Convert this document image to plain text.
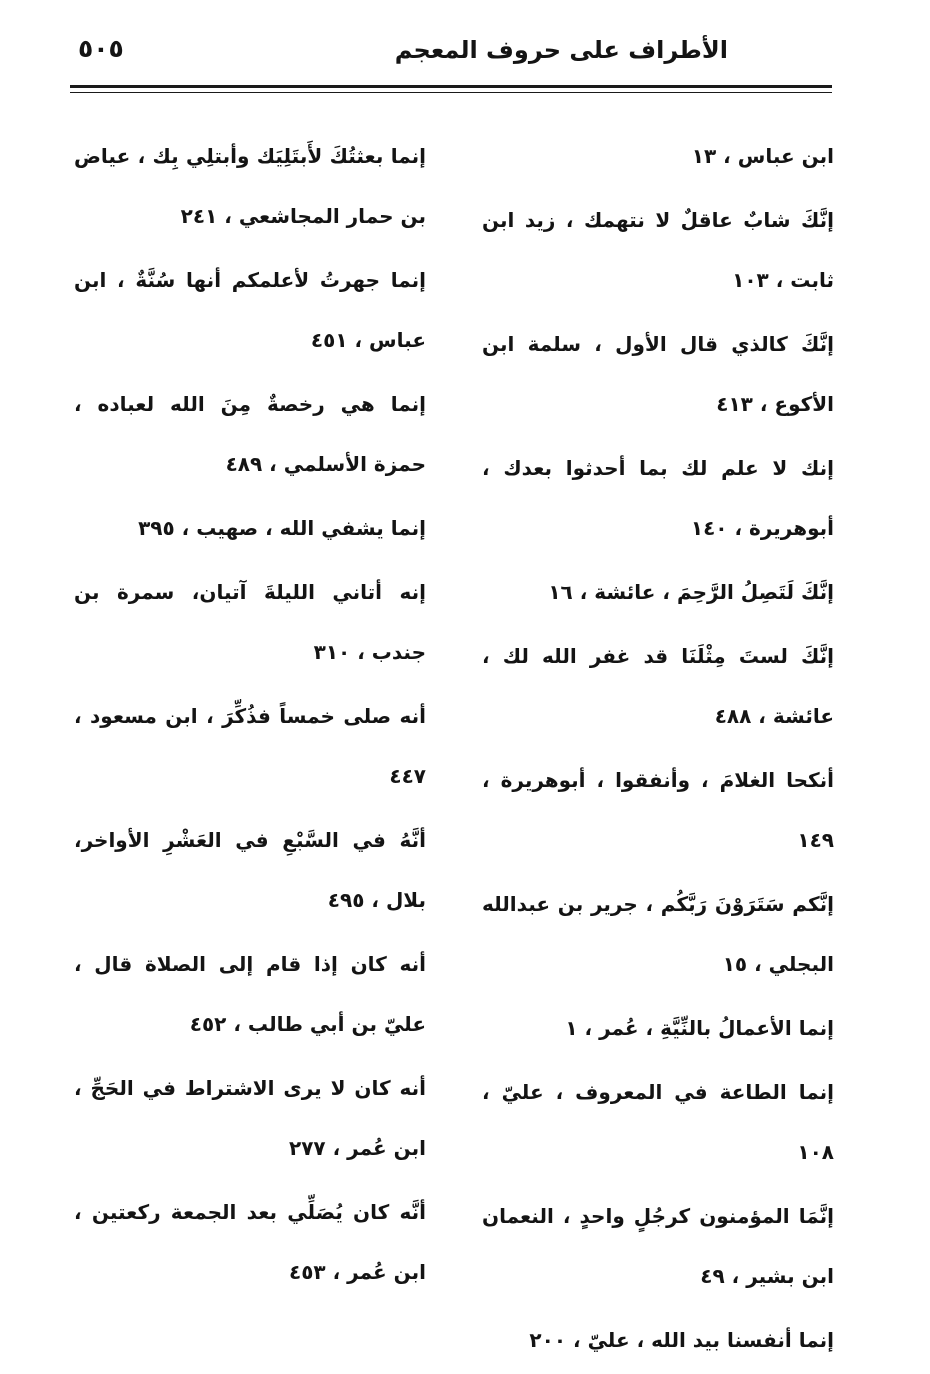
٥٠٥	الأطراف على حروف المعجم

ابن عباس ، ١٣

إنَّكَ شابٌ عاقلٌ لا نتهمك ، زيد ابن ثابت ، ١٠٣

إنَّكَ كالذي قال الأول ، سلمة ابن الأكوع ، ٤١٣

إنك لا علم لك بما أحدثوا بعدك ، أبوهريرة ، ١٤٠

إنَّكَ لَتَصِلُ الرَّحِمَ ، عائشة ، ١٦

إنَّكَ لستَ مِثْلَنَا قد غفر الله لك ، عائشة ، ٤٨٨

أنكحا الغلامَ ، وأنفقوا ، أبوهريرة ، ١٤٩

إنَّكم سَتَرَوْنَ رَبَّكُم ، جرير بن عبدالله البجلي ، ١٥

إنما الأعمالُ بالنِّيَّةِ ، عُمر ، ١

إنما الطاعة في المعروف ، عليّ ، ١٠٨

إنَّمَا المؤمنون كرجُلٍ واحدٍ ، النعمان ابن بشير ، ٤٩

إنما أنفسنا بيد الله ، عليّ ، ٢٠٠

إنما بعثتُكَ لأَبتَلِيَك وأبتلِي بِك ، عياض بن حمار المجاشعي ، ٢٤١

إنما جهرتُ لأعلمكم أنها سُنَّةٌ ، ابن عباس ، ٤٥١

إنما هي رخصةٌ مِنَ الله لعباده ، حمزة الأسلمي ، ٤٨٩

إنما يشفي الله ، صهيب ، ٣٩٥

إنه أتاني الليلةَ آتيان، سمرة بن جندب ، ٣١٠

أنه صلى خمساً فذُكِّرَ ، ابن مسعود ، ٤٤٧

أنَّهُ في السَّبْعِ في العَشْرِ الأواخر، بلال ، ٤٩٥

أنه كان إذا قام إلى الصلاة قال ، عليّ بن أبي طالب ، ٤٥٢

أنه كان لا يرى الاشتراط في الحَجِّ ، ابن عُمر ، ٢٧٧

أنَّه كان يُصَلِّي بعد الجمعة ركعتين ، ابن عُمر ، ٤٥٣
